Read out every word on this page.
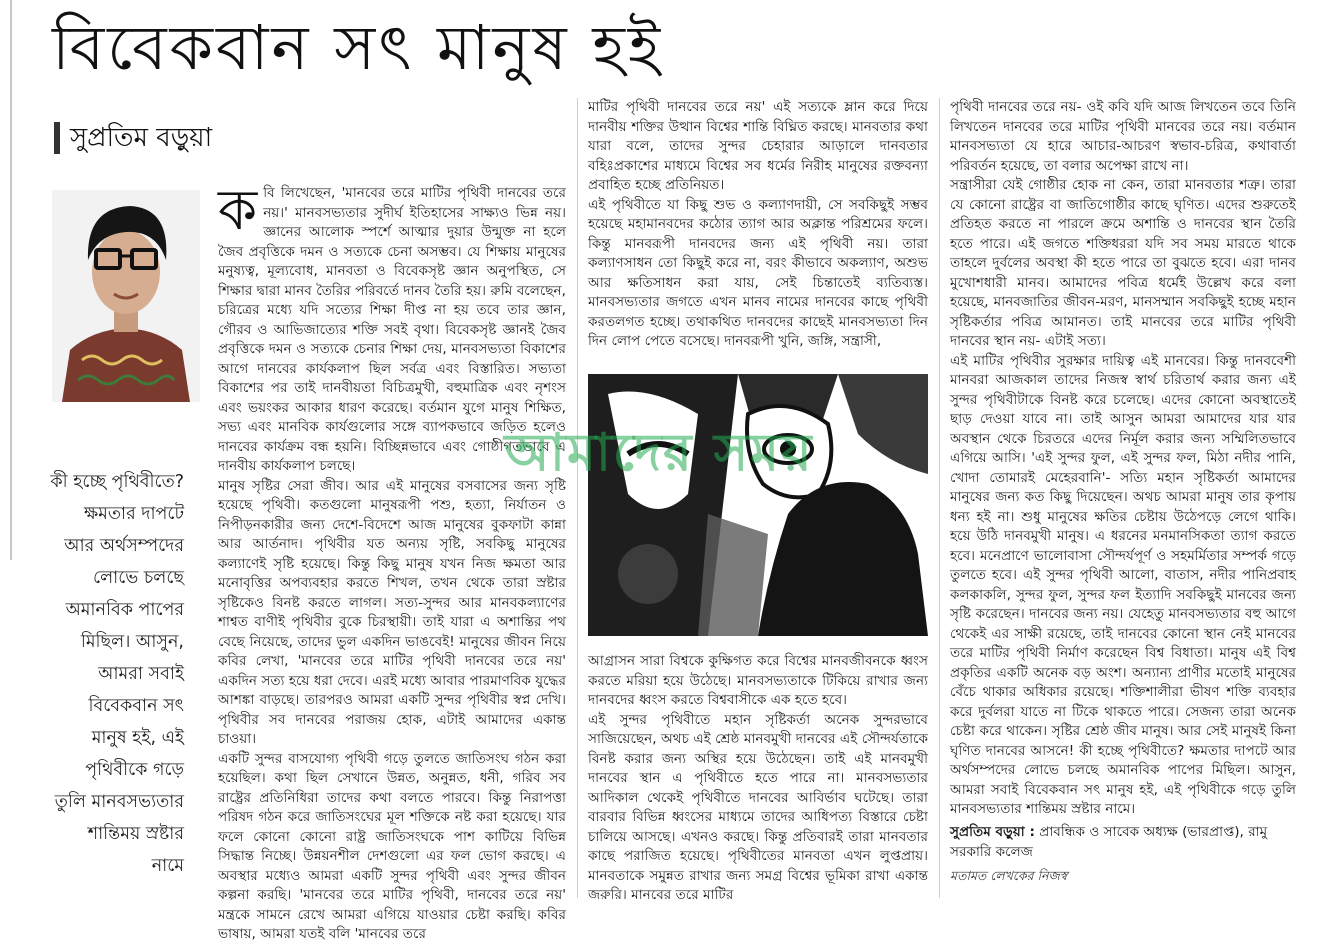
বিবেকবান সৎ মানুষ হই
সুপ্রতিম বড়ুয়া
কী হচ্ছে পৃথিবীতে? ক্ষমতার দাপটে আর অর্থসম্পদের লোভে চলছে অমানবিক পাপের মিছিল। আসুন, আমরা সবাই বিবেকবান সৎ মানুষ হই, এই পৃথিবীকে গড়ে তুলি মানবসভ্যতার শান্তিময় স্রষ্টার নামে
ক বি লিখেছেন, 'মানবের তরে মাটির পৃথিবী দানবের তরে নয়।' মানবসভ্যতার সুদীর্ঘ ইতিহাসের সাক্ষ্যও ভিন্ন নয়। জ্ঞানের আলোক স্পর্শে আত্মার দুয়ার উন্মুক্ত না হলে জৈব প্রবৃত্তিকে দমন ও সত্যকে চেনা অসম্ভব। যে শিক্ষায় মানুষের মনুষ্যত্ব, মূল্যবোধ, মানবতা ও বিবেকসৃষ্ট জ্ঞান অনুপস্থিত, সে শিক্ষার দ্বারা মানব তৈরির পরিবর্তে দানব তৈরি হয়। রুমি বলেছেন, চরিত্রের মধ্যে যদি সত্যের শিক্ষা দীপ্ত না হয় তবে তার জ্ঞান, গৌরব ও আভিজাত্যের শক্তি সবই বৃথা। বিবেকসৃষ্ট জ্ঞানই জৈব প্রবৃত্তিকে দমন ও সত্যকে চেনার শিক্ষা দেয়, মানবসভ্যতা বিকাশের আগে দানবের কার্যকলাপ ছিল সর্বত্র এবং বিস্তারিত। সভ্যতা বিকাশের পর তাই দানবীয়তা বিচিত্রমুখী, বহুমাত্রিক এবং নৃশংস এবং ভয়ংকর আকার ধারণ করেছে। বর্তমান যুগে মানুষ শিক্ষিত, সভ্য এবং মানবিক কার্যগুলোর সঙ্গে ব্যাপকভাবে জড়িত হলেও দানবের কার্যক্রম বন্ধ হয়নি। বিচ্ছিন্নভাবে এবং গোষ্ঠীগতভাবে এ দানবীয় কার্যকলাপ চলছে।

মানুষ সৃষ্টির সেরা জীব। আর এই মানুষের বসবাসের জন্য সৃষ্টি হয়েছে পৃথিবী। কতগুলো মানুষরূপী পশু, হত্যা, নির্যাতন ও নিপীড়নকারীর জন্য দেশে-বিদেশে আজ মানুষের বুকফাটা কান্না আর আর্তনাদ। পৃথিবীর যত অন্যয় সৃষ্টি, সবকিছু মানুষের কল্যাণেই সৃষ্টি হয়েছে। কিন্তু কিছু মানুষ যখন নিজ ক্ষমতা আর মনোবৃত্তির অপব্যবহার করতে শিখল, তখন থেকে তারা স্রষ্টার সৃষ্টিকেও বিনষ্ট করতে লাগল। সত্য-সুন্দর আর মানবকল্যাণের শাশ্বত বাণীই পৃথিবীর বুকে চিরস্থায়ী। তাই যারা এ অশান্তির পথ বেছে নিয়েছে, তাদের ভুল একদিন ভাঙবেই! মানুষের জীবন নিয়ে কবির লেখা, 'মানবের তরে মাটির পৃথিবী দানবের তরে নয়' একদিন সত্য হয়ে ধরা দেবে। এরই মধ্যে আবার পারমাণবিক যুদ্ধের আশঙ্কা বাড়ছে। তারপরও আমরা একটি সুন্দর পৃথিবীর স্বপ্ন দেখি। পৃথিবীর সব দানবের পরাজয় হোক, এটাই আমাদের একান্ত চাওয়া।

একটি সুন্দর বাসযোগ্য পৃথিবী গড়ে তুলতে জাতিসংঘ গঠন করা হয়েছিল। কথা ছিল সেখানে উন্নত, অনুন্নত, ধনী, গরিব সব রাষ্ট্রের প্রতিনিধিরা তাদের কথা বলতে পারবে। কিন্তু নিরাপত্তা পরিষদ গঠন করে জাতিসংঘের মূল শক্তিকে নষ্ট করা হয়েছে। যার ফলে কোনো কোনো রাষ্ট্র জাতিসংঘকে পাশ কাটিয়ে বিভিন্ন সিদ্ধান্ত নিচ্ছে। উন্নয়নশীল দেশগুলো এর ফল ভোগ করছে। এ অবস্থার মধ্যেও আমরা একটি সুন্দর পৃথিবী এবং সুন্দর জীবন কল্পনা করছি। 'মানবের তরে মাটির পৃথিবী, দানবের তরে নয়' মন্ত্রকে সামনে রেখে আমরা এগিয়ে যাওয়ার চেষ্টা করছি। কবির ভাষায়, আমরা যতই বলি 'মানবের তরে

মাটির পৃথিবী দানবের তরে নয়' এই সত্যকে ম্লান করে দিয়ে দানবীয় শক্তির উত্থান বিশ্বের শান্তি বিঘ্নিত করছে। মানবতার কথা যারা বলে, তাদের সুন্দর চেহারার আড়ালে দানবতার বহিঃপ্রকাশের মাধ্যমে বিশ্বের সব ধর্মের নিরীহ মানুষের রক্তবন্যা প্রবাহিত হচ্ছে প্রতিনিয়ত।

এই পৃথিবীতে যা কিছু শুভ ও কল্যাণদায়ী, সে সবকিছুই সম্ভব হয়েছে মহামানবদের কঠোর ত্যাগ আর অক্লান্ত পরিশ্রমের ফলে। কিন্তু মানবরূপী দানবদের জন্য এই পৃথিবী নয়। তারা কল্যাণসাধন তো কিছুই করে না, বরং কীভাবে অকল্যাণ, অশুভ আর ক্ষতিসাধন করা যায়, সেই চিন্তাতেই ব্যতিব্যস্ত। মানবসভ্যতার জগতে এখন মানব নামের দানবের কাছে পৃথিবী করতলগত হচ্ছে। তথাকথিত দানবদের কাছেই মানবসভ্যতা দিন দিন লোপ পেতে বসেছে। দানবরূপী খুনি, জঙ্গি, সন্ত্রাসী,

আমাদের সময়

আগ্রাসন সারা বিশ্বকে কুক্ষিগত করে বিশ্বের মানবজীবনকে ধ্বংস করতে মরিয়া হয়ে উঠেছে। মানবসভ্যতাকে টিকিয়ে রাখার জন্য দানবদের ধ্বংস করতে বিশ্ববাসীকে এক হতে হবে।

এই সুন্দর পৃথিবীতে মহান সৃষ্টিকর্তা অনেক সুন্দরভাবে সাজিয়েছেন, অথচ এই শ্রেষ্ঠ মানবমুখী দানবের এই সৌন্দর্যতাকে বিনষ্ট করার জন্য অস্থির হয়ে উঠেছেন। তাই এই মানবমুখী দানবের স্থান এ পৃথিবীতে হতে পারে না। মানবসভ্যতার আদিকাল থেকেই পৃথিবীতে দানবের আবির্ভাব ঘটেছে। তারা বারবার বিভিন্ন ধ্বংসের মাধ্যমে তাদের আধিপত্য বিস্তারে চেষ্টা চালিয়ে আসছে। এখনও করছে। কিন্তু প্রতিবারই তারা মানবতার কাছে পরাজিত হয়েছে। পৃথিবীতের মানবতা এখন লুপ্তপ্রায়। মানবতাকে সমুন্নত রাখার জন্য সমগ্র বিশ্বের ভূমিকা রাখা একান্ত জরুরি। মানবের তরে মাটির

পৃথিবী দানবের তরে নয়- ওই কবি যদি আজ লিখতেন তবে তিনি লিখতেন দানবের তরে মাটির পৃথিবী মানবের তরে নয়। বর্তমান মানবসভ্যতা যে হারে আচার-আচরণ স্বভাব-চরিত্র, কথাবার্তা পরিবর্তন হয়েছে, তা বলার অপেক্ষা রাখে না।

সন্ত্রাসীরা যেই গোষ্ঠীর হোক না কেন, তারা মানবতার শত্রু। তারা যে কোনো রাষ্ট্রের বা জাতিগোষ্ঠীর কাছে ঘৃণিত। এদের শুরুতেই প্রতিহত করতে না পারলে ক্রমে অশান্তি ও দানবের স্থান তৈরি হতে পারে। এই জগতে শক্তিধররা যদি সব সময় মারতে থাকে তাহলে দুর্বলের অবস্থা কী হতে পারে তা বুঝতে হবে। এরা দানব মুখোশধারী মানব। আমাদের পবিত্র ধর্মেই উল্লেখ করে বলা হয়েছে, মানবজাতির জীবন-মরণ, মানসম্মান সবকিছুই হচ্ছে মহান সৃষ্টিকর্তার পবিত্র আমানত। তাই মানবের তরে মাটির পৃথিবী দানবের স্থান নয়- এটাই সত্য।

এই মাটির পৃথিবীর সুরক্ষার দায়িত্ব এই মানবের। কিন্তু দানববেশী মানবরা আজকাল তাদের নিজস্ব স্বার্থ চরিতার্থ করার জন্য এই সুন্দর পৃথিবীটাকে বিনষ্ট করে চলেছে। এদের কোনো অবস্থাতেই ছাড় দেওয়া যাবে না। তাই আসুন আমরা আমাদের যার যার অবস্থান থেকে চিরতরে এদের নির্মূল করার জন্য সম্মিলিতভাবে এগিয়ে আসি। 'এই সুন্দর ফুল, এই সুন্দর ফল, মিঠা নদীর পানি, খোদা তোমারই মেহেরবানি'- সত্যি মহান সৃষ্টিকর্তা আমাদের মানুষের জন্য কত কিছু দিয়েছেন। অথচ আমরা মানুষ তার কৃপায় ধন্য হই না। শুধু মানুষের ক্ষতির চেষ্টায় উঠেপড়ে লেগে থাকি। হয়ে উঠি দানবমুখী মানুষ। এ ধরনের মনমানসিকতা ত্যাগ করতে হবে। মনেপ্রাণে ভালোবাসা সৌন্দর্যপূর্ণ ও সহমর্মিতার সম্পর্ক গড়ে তুলতে হবে। এই সুন্দর পৃথিবী আলো, বাতাস, নদীর পানিপ্রবাহ কলকাকলি, সুন্দর ফুল, সুন্দর ফল ইত্যাদি সবকিছুই মানবের জন্য সৃষ্টি করেছেন। দানবের জন্য নয়। যেহেতু মানবসভ্যতার বহু আগে থেকেই এর সাক্ষী রয়েছে, তাই দানবের কোনো স্থান নেই মানবের তরে মাটির পৃথিবী নির্মাণ করেছেন বিশ্ব বিধাতা। মানুষ এই বিশ্ব প্রকৃতির একটি অনেক বড় অংশ। অন্যান্য প্রাণীর মতোই মানুষের বেঁচে থাকার অধিকার রয়েছে। শক্তিশালীরা ভীষণ শক্তি ব্যবহার করে দুর্বলরা যাতে না টিকে থাকতে পারে। সেজন্য তারা অনেক চেষ্টা করে থাকেন। সৃষ্টির শ্রেষ্ঠ জীব মানুষ। আর সেই মানুষই কিনা ঘৃণিত দানবের আসনে! কী হচ্ছে পৃথিবীতে? ক্ষমতার দাপটে আর অর্থসম্পদের লোভে চলছে অমানবিক পাপের মিছিল। আসুন, আমরা সবাই বিবেকবান সৎ মানুষ হই, এই পৃথিবীকে গড়ে তুলি মানবসভ্যতার শান্তিময় স্রষ্টার নামে।

সুপ্রতিম বড়ুয়া : প্রাবন্ধিক ও সাবেক অধ্যক্ষ (ভারপ্রাপ্ত), রামু সরকারি কলেজ
মতামত লেখকের নিজস্ব
